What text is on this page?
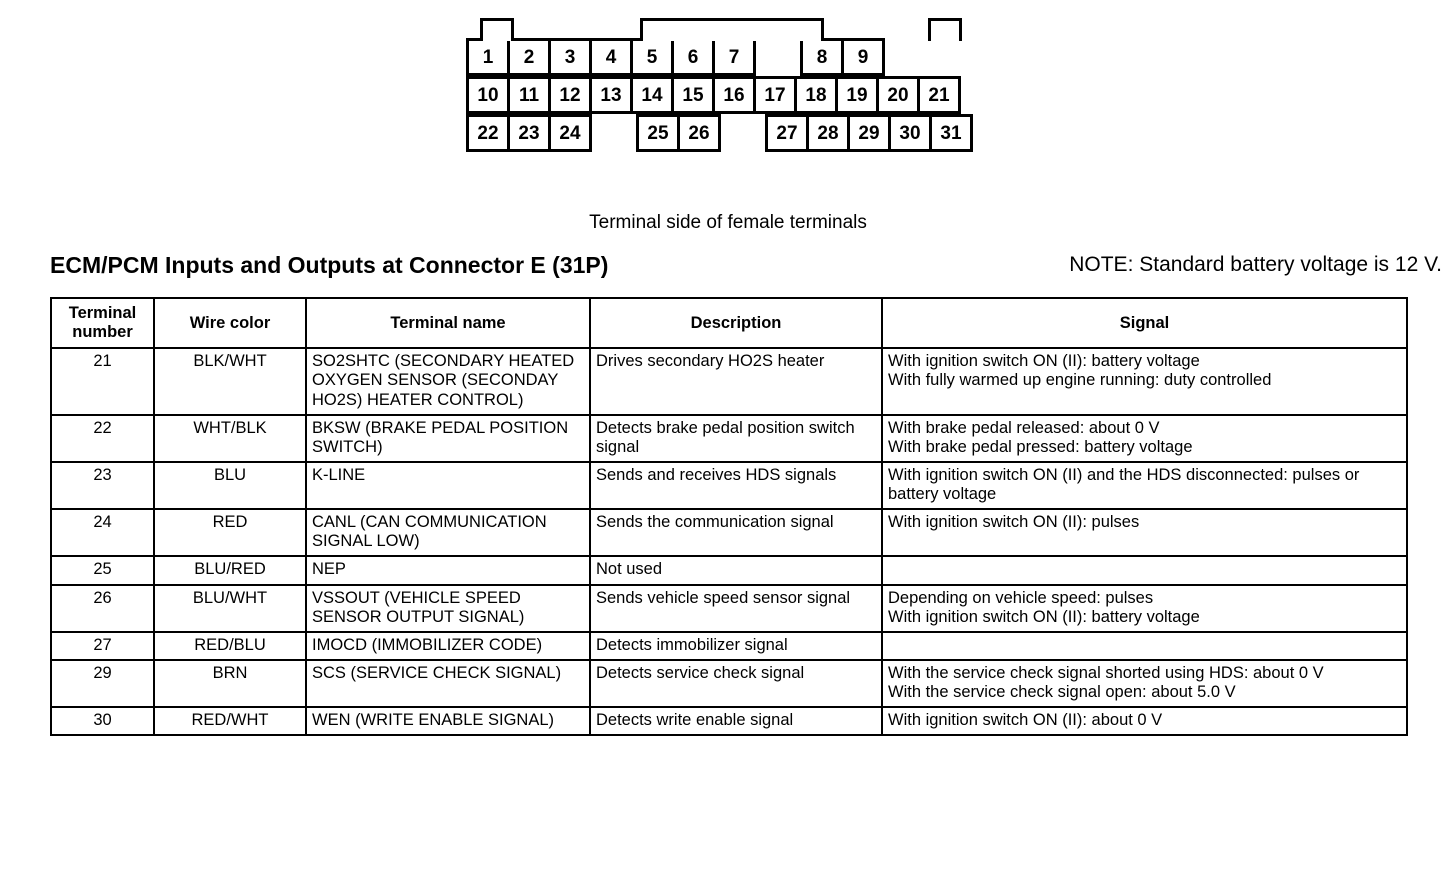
1	2	3	4	5	6	7	8	9
10	11	12	13	14	15	16	17	18	19	20	21
22	23	24	25	26	27	28	29	30	31
Terminal side of female terminals
ECM/PCM Inputs and Outputs at Connector E (31P)	NOTE: Standard battery voltage is 12 V.
Terminal
number	Wire color	Terminal name	Description	Signal
21	BLK/WHT	SO2SHTC (SECONDARY HEATED OXYGEN SENSOR (SECONDAY HO2S) HEATER CONTROL)	Drives secondary HO2S heater	With ignition switch ON (II): battery voltage
With fully warmed up engine running: duty controlled

22	WHT/BLK	BKSW (BRAKE PEDAL POSITION SWITCH)	Detects brake pedal position switch signal	With brake pedal released: about 0 V
With brake pedal pressed: battery voltage

23	BLU	K-LINE	Sends and receives HDS signals	With ignition switch ON (II) and the HDS disconnected: pulses or battery voltage

24	RED	CANL (CAN COMMUNICATION SIGNAL LOW)	Sends the communication signal	With ignition switch ON (II): pulses

25	BLU/RED	NEP	Not used	
26	BLU/WHT	VSSOUT (VEHICLE SPEED SENSOR OUTPUT SIGNAL)	Sends vehicle speed sensor signal	Depending on vehicle speed: pulses
With ignition switch ON (II): battery voltage

27	RED/BLU	IMOCD (IMMOBILIZER CODE)	Detects immobilizer signal	
29	BRN	SCS (SERVICE CHECK SIGNAL)	Detects service check signal	With the service check signal shorted using HDS: about 0 V
With the service check signal open: about 5.0 V

30	RED/WHT	WEN (WRITE ENABLE SIGNAL)	Detects write enable signal	With ignition switch ON (II): about 0 V
